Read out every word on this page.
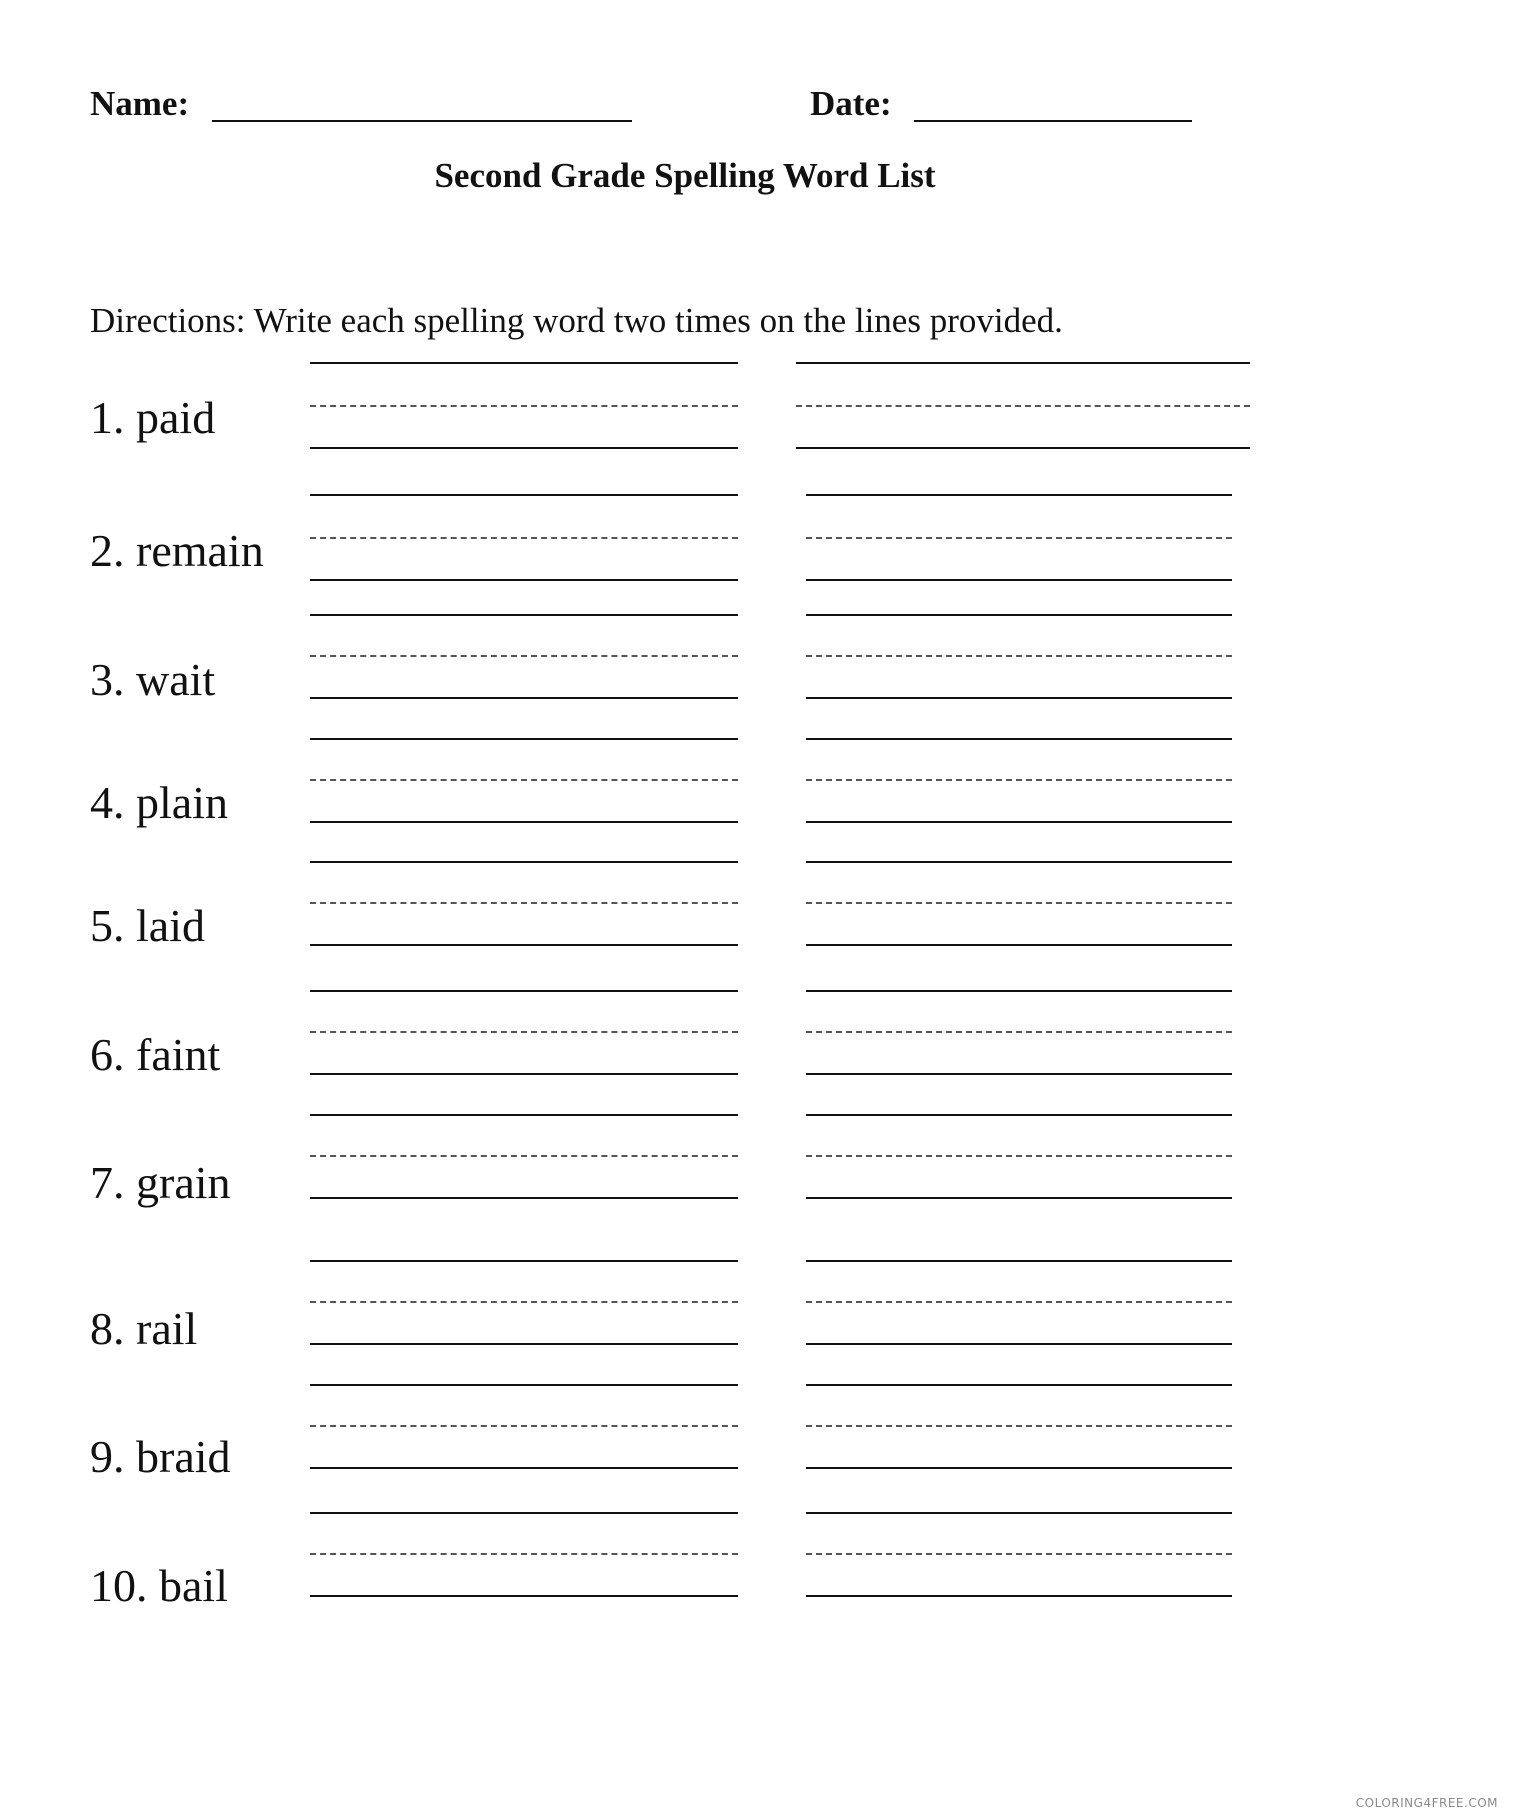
Name:	Date:
Second Grade Spelling Word List
Directions: Write each spelling word two times on the lines provided.
1. paid
2. remain
3. wait
4. plain
5. laid
6. faint
7. grain
8. rail
9. braid
10. bail
COLORING4FREE.COM
